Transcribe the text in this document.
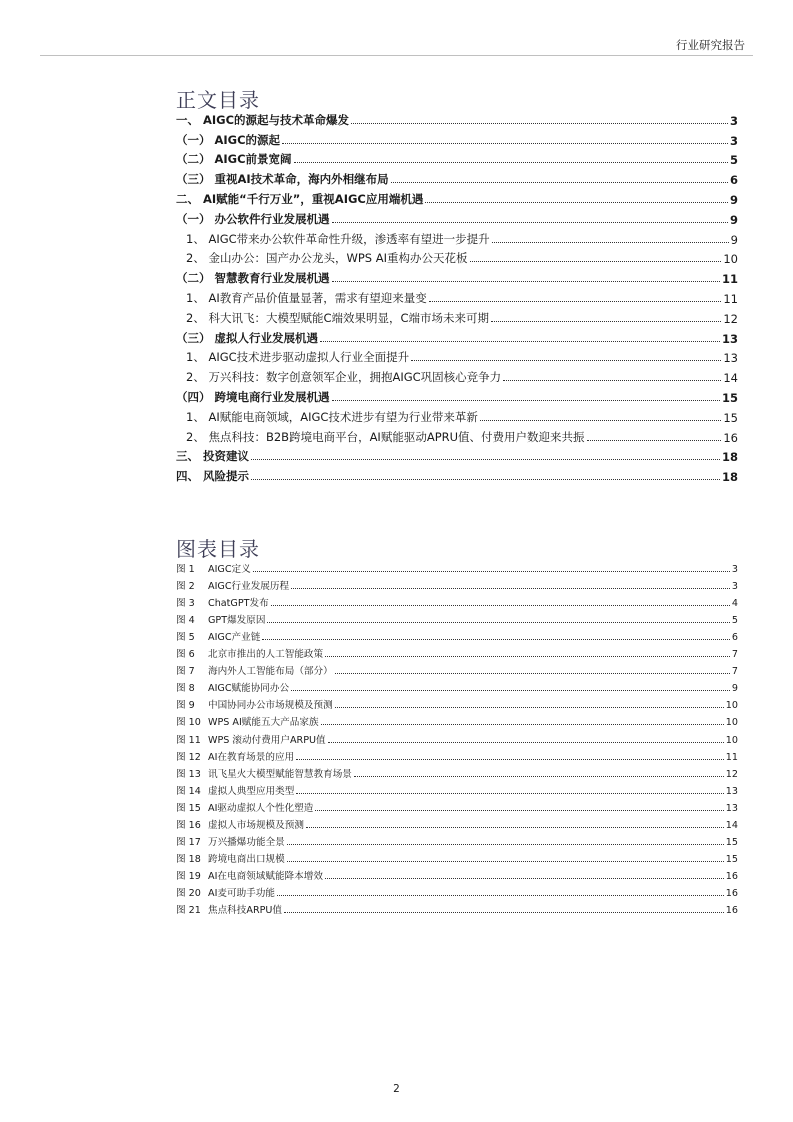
行业研究报告
正文目录
一、 AIGC的源起与技术革命爆发	3
（一） AIGC的源起	3
（二） AIGC前景宽阔	5
（三） 重视AI技术革命，海内外相继布局	6
二、 AI赋能“千行万业”，重视AIGC应用端机遇	9
（一） 办公软件行业发展机遇	9
1、 AIGC带来办公软件革命性升级，渗透率有望进一步提升	9
2、 金山办公：国产办公龙头，WPS AI重构办公天花板	10
（二） 智慧教育行业发展机遇	11
1、 AI教育产品价值量显著，需求有望迎来量变	11
2、 科大讯飞：大模型赋能C端效果明显，C端市场未来可期	12
（三） 虚拟人行业发展机遇	13
1、 AIGC技术进步驱动虚拟人行业全面提升	13
2、 万兴科技：数字创意领军企业，拥抱AIGC巩固核心竞争力	14
（四） 跨境电商行业发展机遇	15
1、 AI赋能电商领域，AIGC技术进步有望为行业带来革新	15
2、 焦点科技：B2B跨境电商平台，AI赋能驱动APRU值、付费用户数迎来共振	16
三、 投资建议	18
四、 风险提示	18
图表目录
图 1	AIGC定义	3
图 2	AIGC行业发展历程	3
图 3	ChatGPT发布	4
图 4	GPT爆发原因	5
图 5	AIGC产业链	6
图 6	北京市推出的人工智能政策	7
图 7	海内外人工智能布局（部分）	7
图 8	AIGC赋能协同办公	9
图 9	中国协同办公市场规模及预测	10
图 10 WPS AI赋能五大产品家族	10
图 11 WPS 滚动付费用户ARPU值	10
图 12 AI在教育场景的应用	11
图 13 讯飞星火大模型赋能智慧教育场景	12
图 14 虚拟人典型应用类型	13
图 15 AI驱动虚拟人个性化塑造	13
图 16 虚拟人市场规模及预测	14
图 17 万兴播爆功能全景	15
图 18 跨境电商出口规模	15
图 19 AI在电商领域赋能降本增效	16
图 20 AI麦可助手功能	16
图 21 焦点科技ARPU值	16
2
